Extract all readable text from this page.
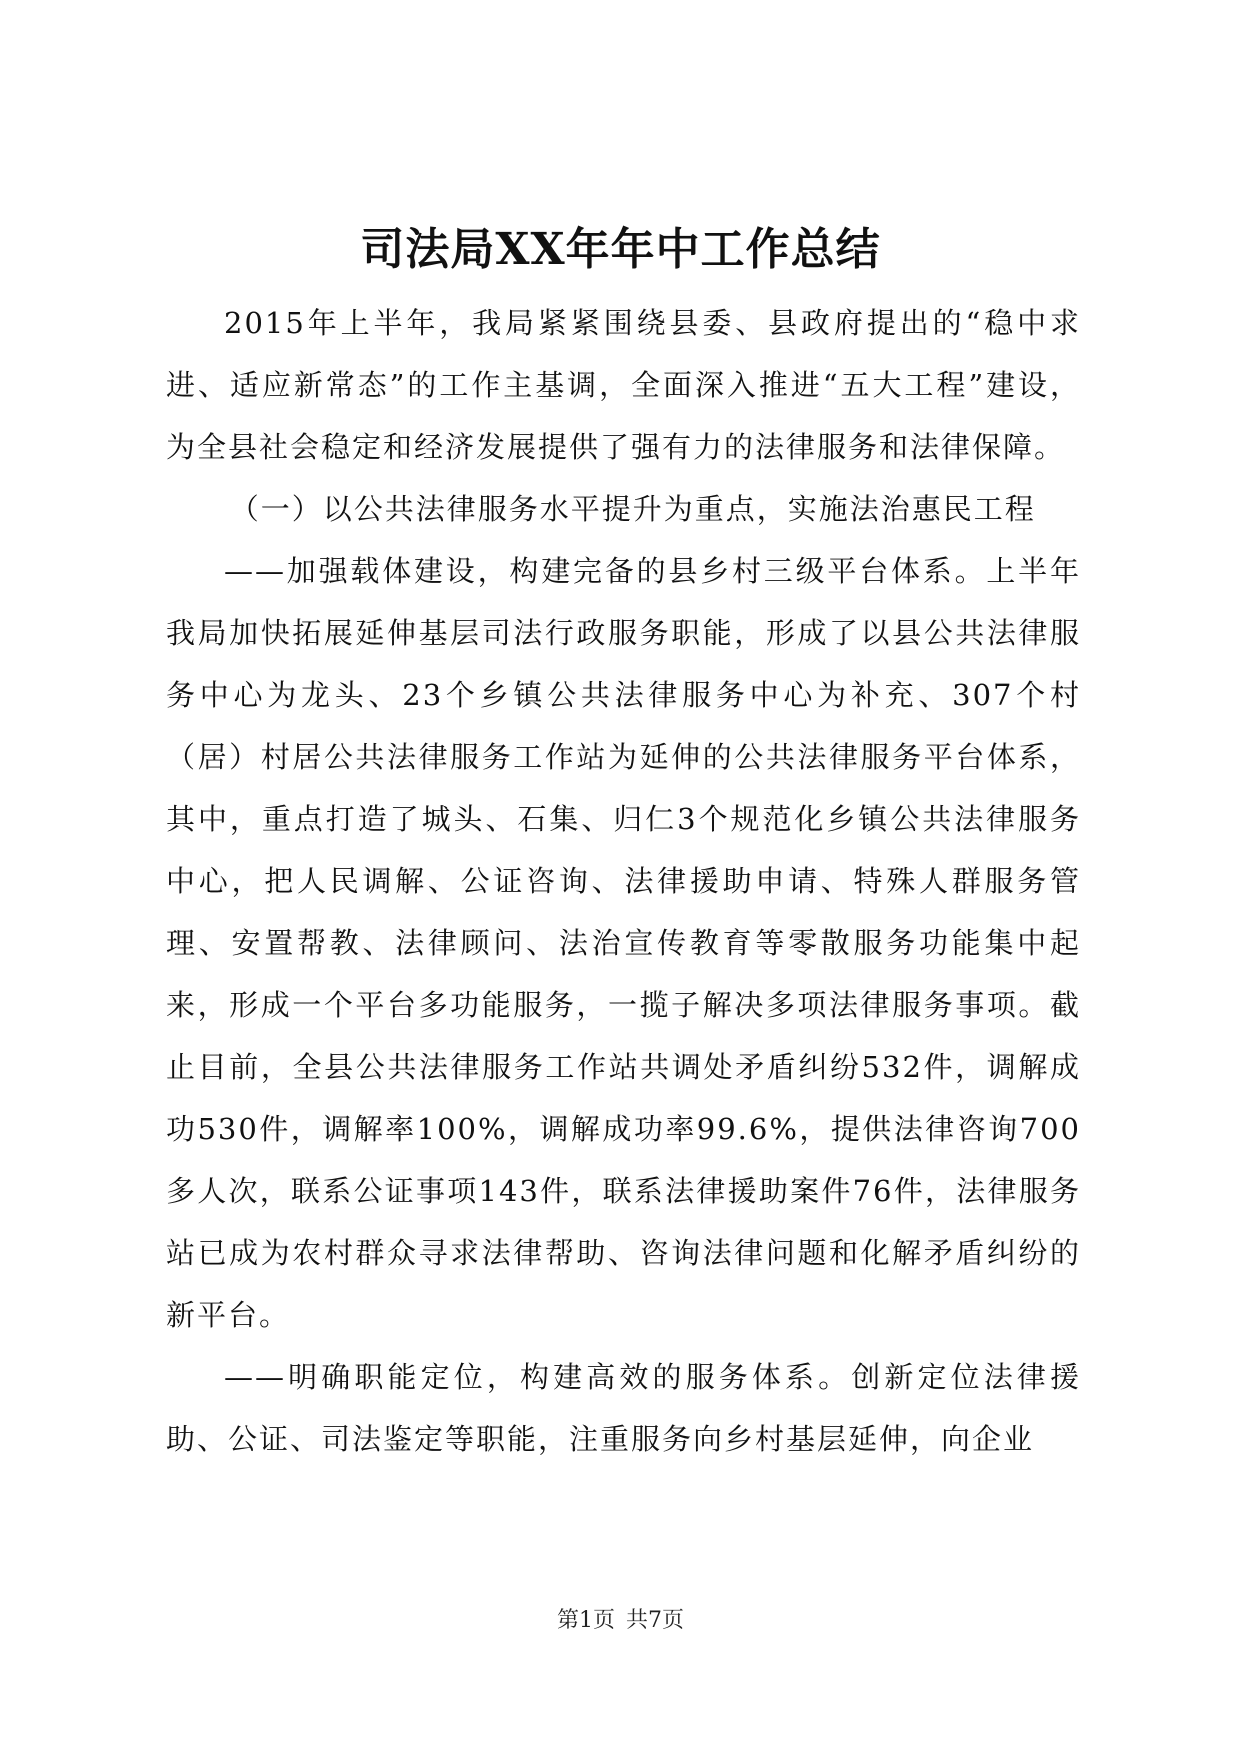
司法局XX年年中工作总结

2015年上半年，我局紧紧围绕县委、县政府提出的“稳中求进、适应新常态”的工作主基调，全面深入推进“五大工程”建设，为全县社会稳定和经济发展提供了强有力的法律服务和法律保障。

（一）以公共法律服务水平提升为重点，实施法治惠民工程

——加强载体建设，构建完备的县乡村三级平台体系。上半年我局加快拓展延伸基层司法行政服务职能，形成了以县公共法律服务中心为龙头、23个乡镇公共法律服务中心为补充、307个村（居）村居公共法律服务工作站为延伸的公共法律服务平台体系，其中，重点打造了城头、石集、归仁3个规范化乡镇公共法律服务中心，把人民调解、公证咨询、法律援助申请、特殊人群服务管理、安置帮教、法律顾问、法治宣传教育等零散服务功能集中起来，形成一个平台多功能服务，一揽子解决多项法律服务事项。截止目前，全县公共法律服务工作站共调处矛盾纠纷532件，调解成功530件，调解率100%，调解成功率99.6%，提供法律咨询700多人次，联系公证事项143件，联系法律援助案件76件，法律服务站已成为农村群众寻求法律帮助、咨询法律问题和化解矛盾纠纷的新平台。

——明确职能定位，构建高效的服务体系。创新定位法律援助、公证、司法鉴定等职能，注重服务向乡村基层延伸，向企业

第1页 共7页
